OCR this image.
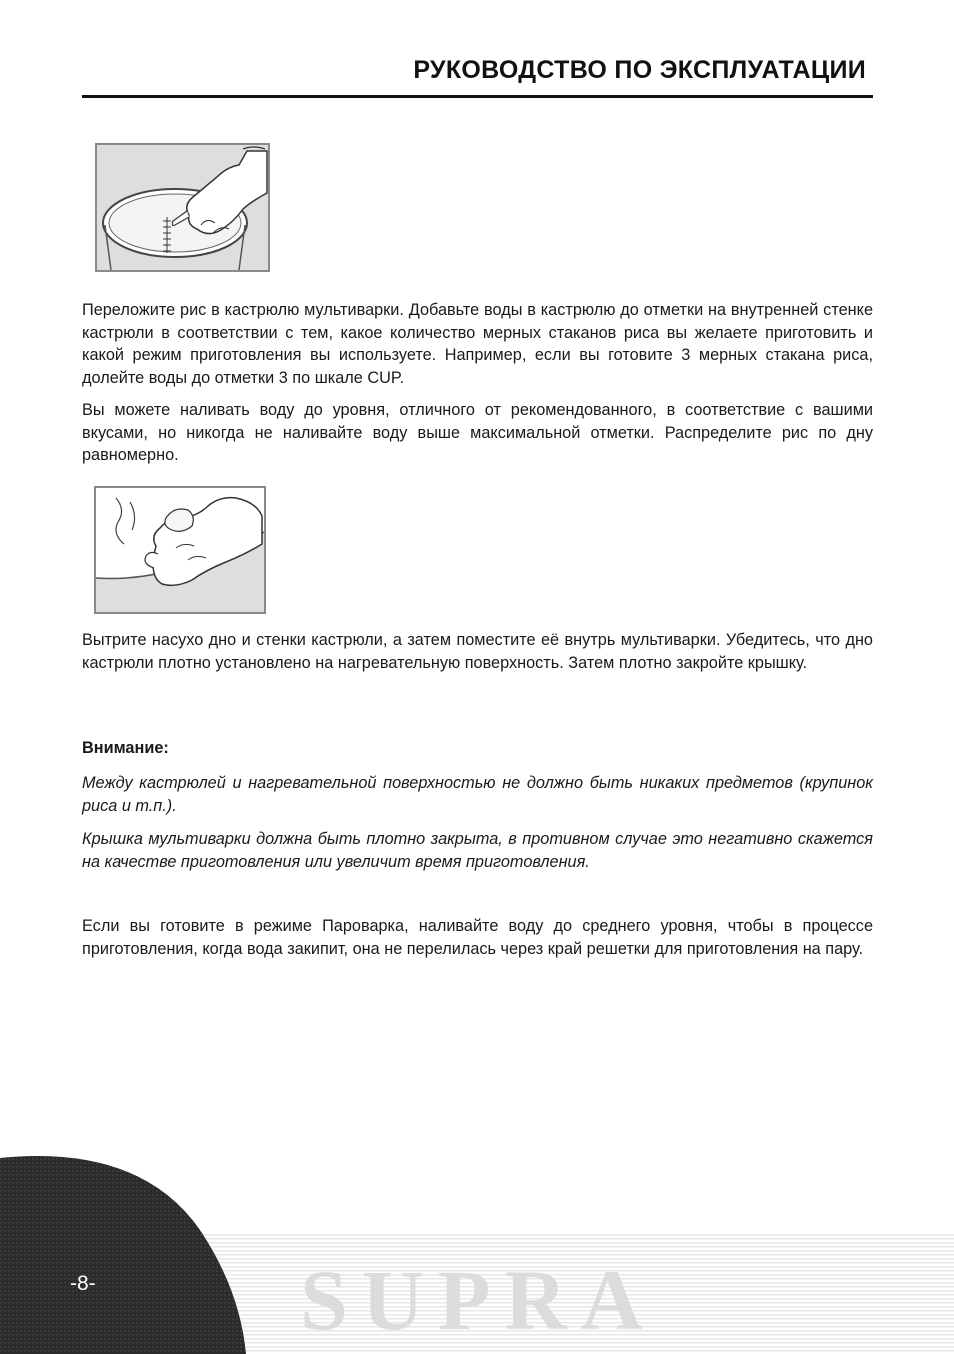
РУКОВОДСТВО ПО ЭКСПЛУАТАЦИИ

Переложите рис в кастрюлю мультиварки. Добавьте воды в кастрюлю до отметки на внутренней стенке кастрюли в соответствии с тем, какое количество мерных стаканов риса вы желаете приготовить и какой режим приготовления вы используете. Например, если вы готовите 3 мерных стакана риса, долейте воды до отметки 3 по шкале CUP.

Вы можете наливать воду до уровня, отличного от рекомендованного, в соответствие с вашими вкусами, но никогда не наливайте воду выше максимальной отметки. Распределите рис по дну равномерно.

Вытрите насухо дно и стенки кастрюли, а затем поместите её внутрь мультиварки. Убедитесь, что дно кастрюли плотно установлено на нагревательную поверхность. Затем плотно закройте крышку.

Внимание:

Между кастрюлей и нагревательной поверхностью не должно быть никаких предметов (крупинок риса и т.п.).

Крышка мультиварки должна быть плотно закрыта, в противном случае это негативно скажется на качестве приготовления или увеличит время приготовления.

Если вы готовите в режиме Пароварка, наливайте воду до среднего уровня, чтобы в процессе приготовления, когда вода закипит, она не перелилась через край решетки для приготовления на пару.

SUPRA
-8-
